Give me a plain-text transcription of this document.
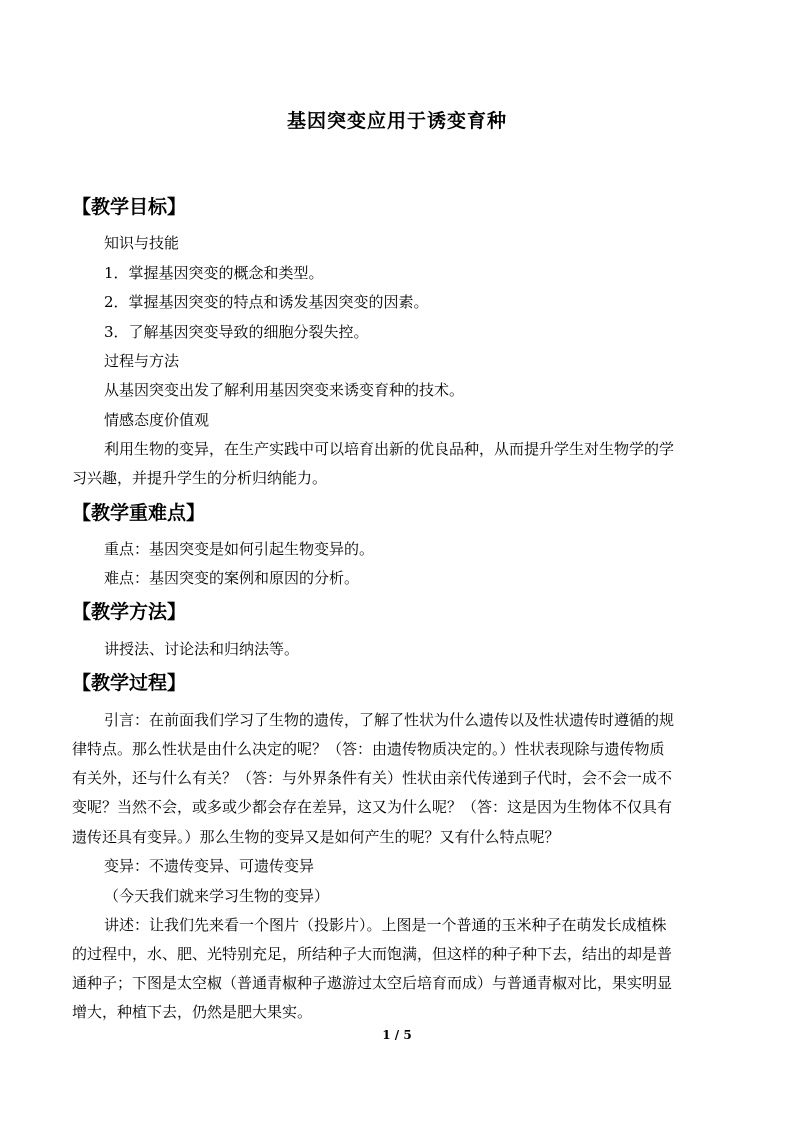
基因突变应用于诱变育种
【教学目标】
知识与技能
1．掌握基因突变的概念和类型。
2．掌握基因突变的特点和诱发基因突变的因素。
3．了解基因突变导致的细胞分裂失控。
过程与方法
从基因突变出发了解利用基因突变来诱变育种的技术。
情感态度价值观
利用生物的变异，在生产实践中可以培育出新的优良品种，从而提升学生对生物学的学
习兴趣，并提升学生的分析归纳能力。
【教学重难点】
重点：基因突变是如何引起生物变异的。
难点：基因突变的案例和原因的分析。
【教学方法】
讲授法、讨论法和归纳法等。
【教学过程】
引言：在前面我们学习了生物的遗传，了解了性状为什么遗传以及性状遗传时遵循的规
律特点。那么性状是由什么决定的呢？（答：由遗传物质决定的。）性状表现除与遗传物质
有关外，还与什么有关？（答：与外界条件有关）性状由亲代传递到子代时，会不会一成不
变呢？当然不会，或多或少都会存在差异，这又为什么呢？（答：这是因为生物体不仅具有
遗传还具有变异。）那么生物的变异又是如何产生的呢？又有什么特点呢？
变异：不遗传变异、可遗传变异
（今天我们就来学习生物的变异）
讲述：让我们先来看一个图片（投影片）。上图是一个普通的玉米种子在萌发长成植株
的过程中，水、肥、光特别充足，所结种子大而饱满，但这样的种子种下去，结出的却是普
通种子；下图是太空椒（普通青椒种子遨游过太空后培育而成）与普通青椒对比，果实明显
增大，种植下去，仍然是肥大果实。
1 / 5
